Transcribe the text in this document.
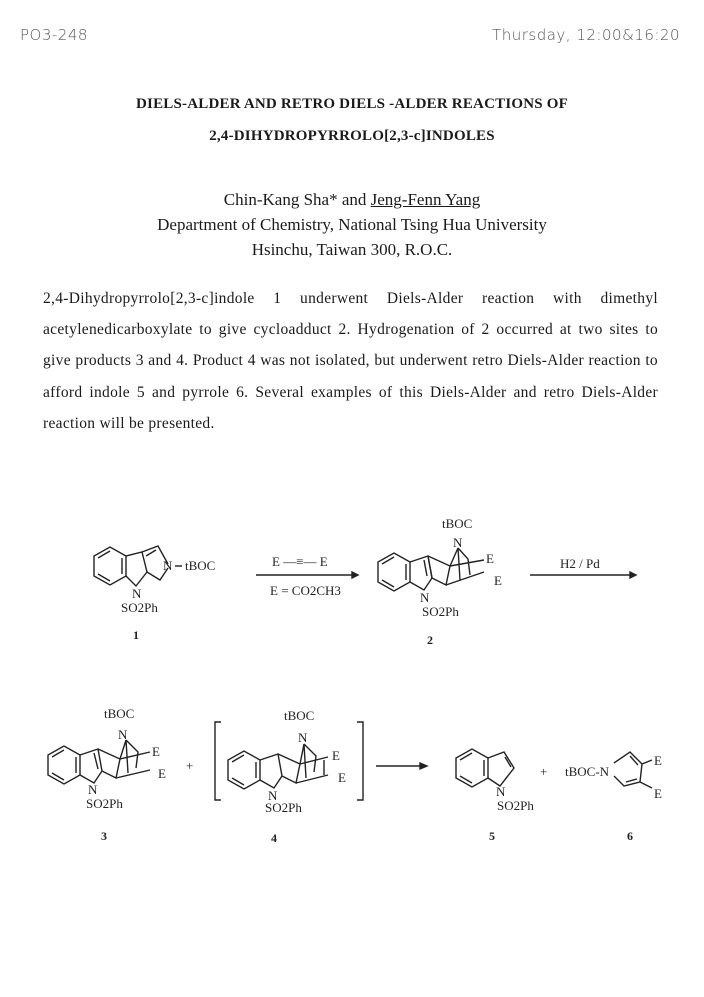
PO3-248	Thursday, 12:00&16:20
DIELS-ALDER AND RETRO DIELS -ALDER REACTIONS OF
2,4-DIHYDROPYRROLO[2,3-c]INDOLES
Chin-Kang Sha* and Jeng-Fenn Yang
Department of Chemistry, National Tsing Hua University
Hsinchu, Taiwan 300, R.O.C.
2,4-Dihydropyrrolo[2,3-c]indole 1 underwent Diels-Alder reaction with dimethyl acetylenedicarboxylate to give cycloadduct 2. Hydrogenation of 2 occurred at two sites to give products 3 and 4. Product 4 was not isolated, but underwent retro Diels-Alder reaction to afford indole 5 and pyrrole 6. Several examples of this Diels-Alder and retro Diels-Alder reaction will be presented.
N tBOC
N
SO2Ph
1
E —≡— E
E = CO2CH3
N
tBOC
E
E
N
SO2Ph
2
H2 / Pd
N
tBOC
E
E
N
SO2Ph
3
+
N
tBOC
E
E
N
SO2Ph
4
N
SO2Ph
5
+ tBOC-N
E
E
6
